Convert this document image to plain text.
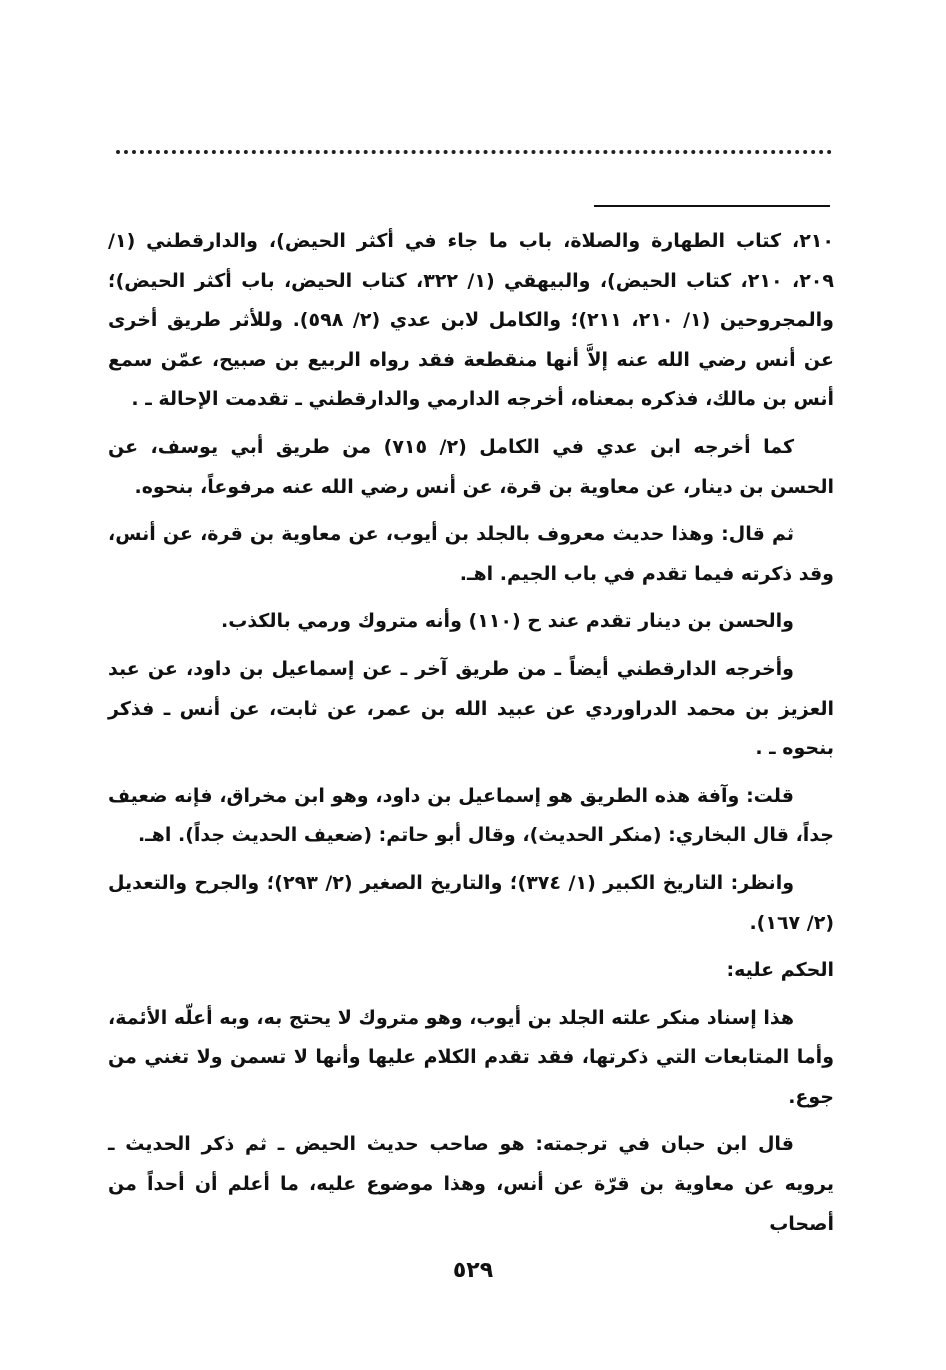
٢١٠، كتاب الطهارة والصلاة، باب ما جاء في أكثر الحيض)، والدارقطني (١/ ٢٠٩، ٢١٠، كتاب الحيض)، والبيهقي (١/ ٣٢٢، كتاب الحيض، باب أكثر الحيض)؛ والمجروحين (١/ ٢١٠، ٢١١)؛ والكامل لابن عدي (٢/ ٥٩٨). وللأثر طريق أخرى عن أنس رضي الله عنه إلاَّ أنها منقطعة فقد رواه الربيع بن صبيح، عمّن سمع أنس بن مالك، فذكره بمعناه، أخرجه الدارمي والدارقطني ـ تقدمت الإحالة ـ .

كما أخرجه ابن عدي في الكامل (٢/ ٧١٥) من طريق أبي يوسف، عن الحسن بن دينار، عن معاوية بن قرة، عن أنس رضي الله عنه مرفوعاً، بنحوه.

ثم قال: وهذا حديث معروف بالجلد بن أيوب، عن معاوية بن قرة، عن أنس، وقد ذكرته فيما تقدم في باب الجيم. اهـ.

والحسن بن دينار تقدم عند ح (١١٠) وأنه متروك ورمي بالكذب.

وأخرجه الدارقطني أيضاً ـ من طريق آخر ـ عن إسماعيل بن داود، عن عبد العزيز بن محمد الدراوردي عن عبيد الله بن عمر، عن ثابت، عن أنس ـ فذكر بنحوه ـ .

قلت: وآفة هذه الطريق هو إسماعيل بن داود، وهو ابن مخراق، فإنه ضعيف جداً، قال البخاري: (منكر الحديث)، وقال أبو حاتم: (ضعيف الحديث جداً). اهـ.

وانظر: التاريخ الكبير (١/ ٣٧٤)؛ والتاريخ الصغير (٢/ ٢٩٣)؛ والجرح والتعديل (٢/ ١٦٧).

الحكم عليه:

هذا إسناد منكر علته الجلد بن أيوب، وهو متروك لا يحتج به، وبه أعلّه الأئمة، وأما المتابعات التي ذكرتها، فقد تقدم الكلام عليها وأنها لا تسمن ولا تغني من جوع.

قال ابن حبان في ترجمته: هو صاحب حديث الحيض ـ ثم ذكر الحديث ـ يرويه عن معاوية بن قرّة عن أنس، وهذا موضوع عليه، ما أعلم أن أحداً من أصحاب

٥٢٩
